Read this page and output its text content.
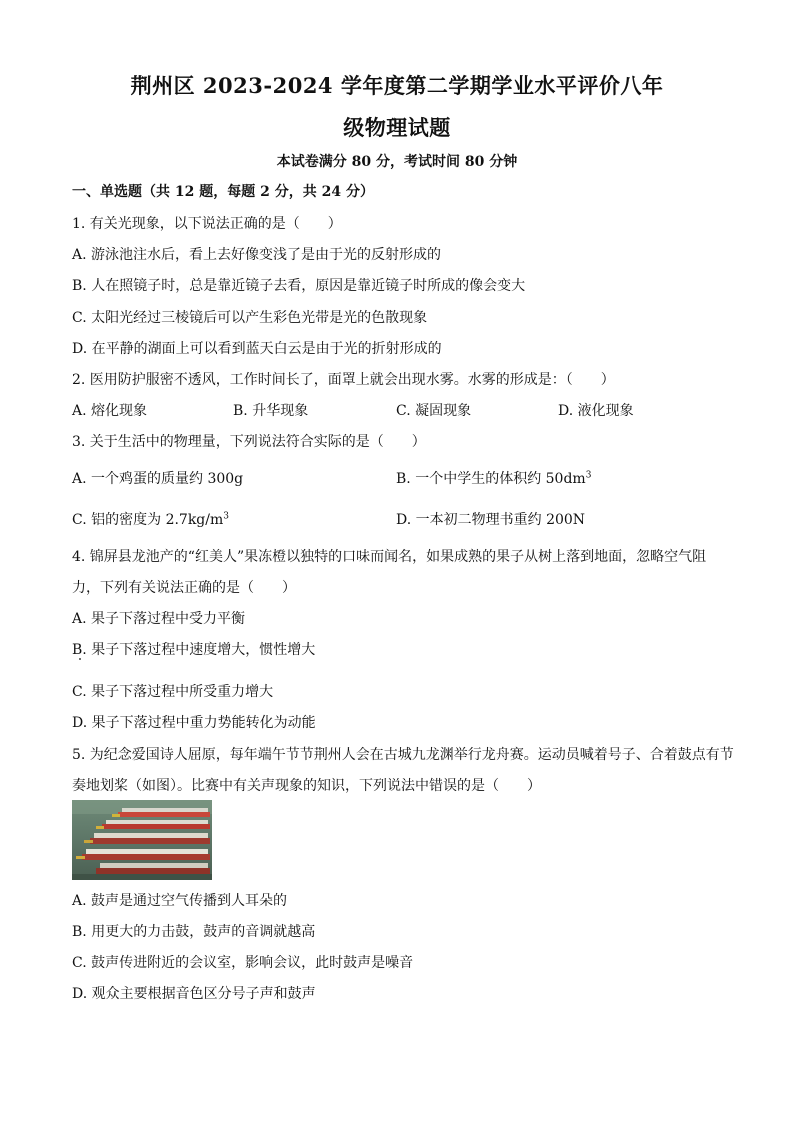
荆州区 2023-2024 学年度第二学期学业水平评价八年
级物理试题
本试卷满分 80 分，考试时间 80 分钟
一、单选题（共 12 题，每题 2 分，共 24 分）
1. 有关光现象，以下说法正确的是（　　）
A. 游泳池注水后，看上去好像变浅了是由于光的反射形成的
B. 人在照镜子时，总是靠近镜子去看，原因是靠近镜子时所成的像会变大
C. 太阳光经过三棱镜后可以产生彩色光带是光的色散现象
D. 在平静的湖面上可以看到蓝天白云是由于光的折射形成的
2. 医用防护服密不透风，工作时间长了，面罩上就会出现水雾。水雾的形成是：（　　）
A. 熔化现象	B. 升华现象	C. 凝固现象	D. 液化现象
3. 关于生活中的物理量，下列说法符合实际的是（　　）
A. 一个鸡蛋的质量约 300g	B. 一个中学生的体积约 $50dm^3$
C. 铝的密度为 $2.7kg/m^3$	D. 一本初二物理书重约 200N
4. 锦屏县龙池产的“红美人”果冻橙以独特的口味而闻名，如果成熟的果子从树上落到地面，忽略空气阻
力，下列有关说法正确的是（　　）
A. 果子下落过程中受力平衡
B. 果子下落过程中速度增大，惯性增大
C. 果子下落过程中所受重力增大
D. 果子下落过程中重力势能转化为动能
5. 为纪念爱国诗人屈原，每年端午节节荆州人会在古城九龙渊举行龙舟赛。运动员喊着号子、合着鼓点有节
奏地划桨（如图）。比赛中有关声现象的知识，下列说法中错误的是（　　）
A. 鼓声是通过空气传播到人耳朵的
B. 用更大的力击鼓，鼓声的音调就越高
C. 鼓声传进附近的会议室，影响会议，此时鼓声是噪音
D. 观众主要根据音色区分号子声和鼓声
